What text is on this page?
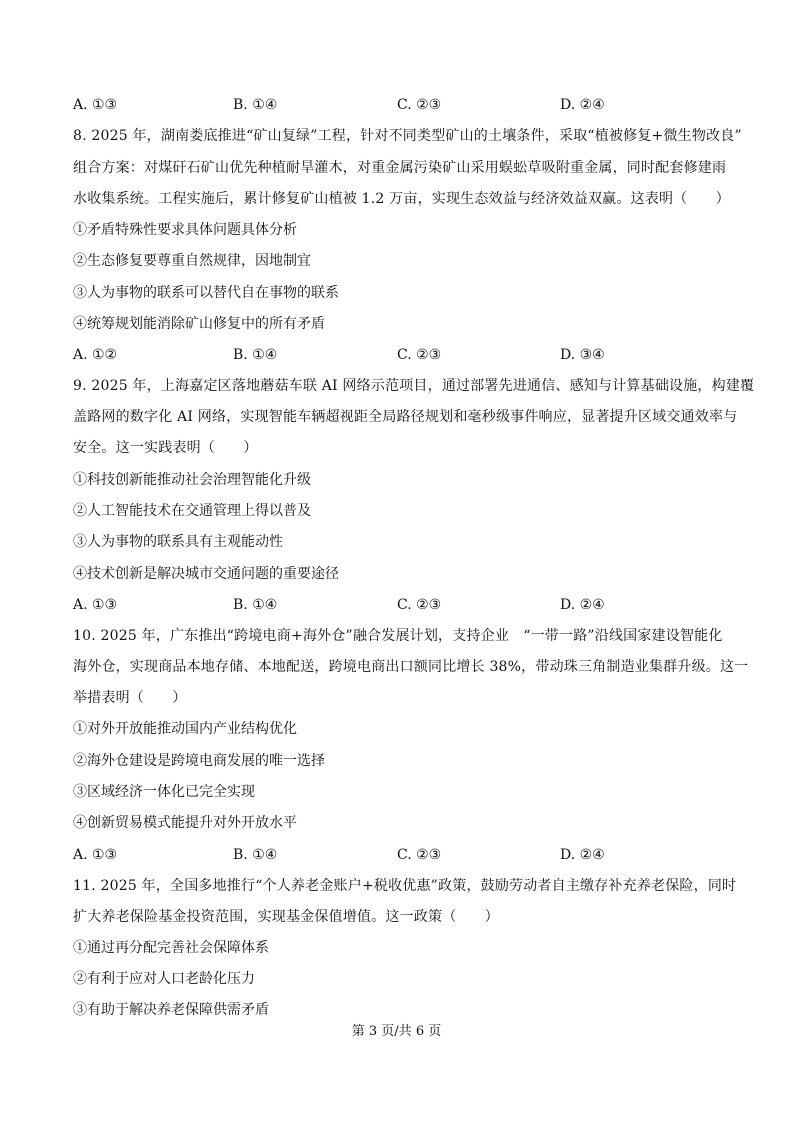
A. ①③	B. ①④	C. ②③	D. ②④
8. 2025 年，湖南娄底推进“矿山复绿”工程，针对不同类型矿山的土壤条件，采取“植被修复+微生物改良”
组合方案：对煤矸石矿山优先种植耐旱灌木，对重金属污染矿山采用蜈蚣草吸附重金属，同时配套修建雨
水收集系统。工程实施后，累计修复矿山植被 1.2 万亩，实现生态效益与经济效益双赢。这表明（　　）
①矛盾特殊性要求具体问题具体分析
②生态修复要尊重自然规律，因地制宜
③人为事物的联系可以替代自在事物的联系
④统筹规划能消除矿山修复中的所有矛盾
A. ①②	B. ①④	C. ②③	D. ③④
9. 2025 年，上海嘉定区落地蘑菇车联 AI 网络示范项目，通过部署先进通信、感知与计算基础设施，构建覆
盖路网的数字化 AI 网络，实现智能车辆超视距全局路径规划和毫秒级事件响应，显著提升区域交通效率与
安全。这一实践表明（　　）
①科技创新能推动社会治理智能化升级
②人工智能技术在交通管理上得以普及
③人为事物的联系具有主观能动性
④技术创新是解决城市交通问题的重要途径
A. ①③	B. ①④	C. ②③	D. ②④
10. 2025 年，广东推出“跨境电商+海外仓”融合发展计划，支持企业　“一带一路”沿线国家建设智能化
海外仓，实现商品本地存储、本地配送，跨境电商出口额同比增长 38%，带动珠三角制造业集群升级。这一
举措表明（　　）
①对外开放能推动国内产业结构优化
②海外仓建设是跨境电商发展的唯一选择
③区域经济一体化已完全实现
④创新贸易模式能提升对外开放水平
A. ①③	B. ①④	C. ②③	D. ②④
11. 2025 年，全国多地推行“个人养老金账户+税收优惠”政策，鼓励劳动者自主缴存补充养老保险，同时
扩大养老保险基金投资范围，实现基金保值增值。这一政策（　　）
①通过再分配完善社会保障体系
②有利于应对人口老龄化压力
③有助于解决养老保障供需矛盾
第 3 页/共 6 页
